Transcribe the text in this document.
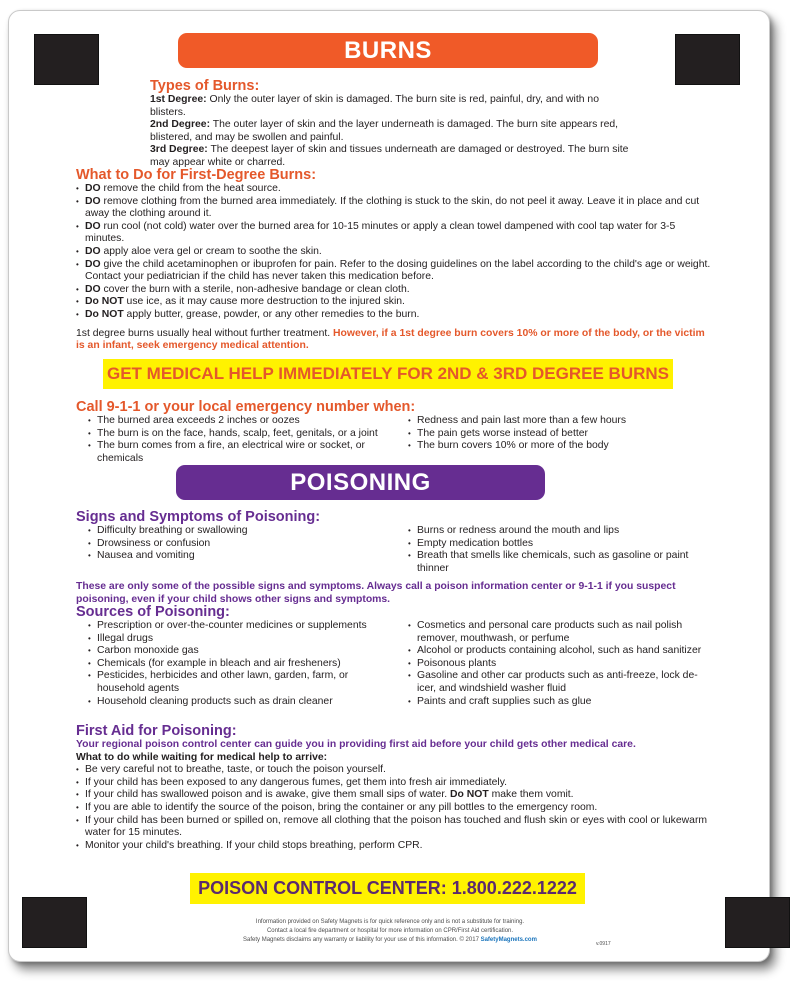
BURNS

Types of Burns:

1st Degree: Only the outer layer of skin is damaged. The burn site is red, painful, dry, and with no blisters.

2nd Degree: The outer layer of skin and the layer underneath is damaged. The burn site appears red, blistered, and may be swollen and painful.

3rd Degree: The deepest layer of skin and tissues underneath are damaged or destroyed. The burn site may appear white or charred.

What to Do for First-Degree Burns:

• DO remove the child from the heat source.
• DO remove clothing from the burned area immediately. If the clothing is stuck to the skin, do not peel it away. Leave it in place and cut away the clothing around it.
• DO run cool (not cold) water over the burned area for 10-15 minutes or apply a clean towel dampened with cool tap water for 3-5 minutes.
• DO apply aloe vera gel or cream to soothe the skin.
• DO give the child acetaminophen or ibuprofen for pain. Refer to the dosing guidelines on the label according to the child's age or weight. Contact your pediatrician if the child has never taken this medication before.
• DO cover the burn with a sterile, non-adhesive bandage or clean cloth.
• Do NOT use ice, as it may cause more destruction to the injured skin.
• Do NOT apply butter, grease, powder, or any other remedies to the burn.

1st degree burns usually heal without further treatment. However, if a 1st degree burn covers 10% or more of the body, or the victim is an infant, seek emergency medical attention.

GET MEDICAL HELP IMMEDIATELY FOR 2ND & 3RD DEGREE BURNS

Call 9-1-1 or your local emergency number when:

• The burned area exceeds 2 inches or oozes
• The burn is on the face, hands, scalp, feet, genitals, or a joint
• The burn comes from a fire, an electrical wire or socket, or chemicals
• Redness and pain last more than a few hours
• The pain gets worse instead of better
• The burn covers 10% or more of the body
POISONING

Signs and Symptoms of Poisoning:

• Difficulty breathing or swallowing
• Drowsiness or confusion
• Nausea and vomiting
• Burns or redness around the mouth and lips
• Empty medication bottles
• Breath that smells like chemicals, such as gasoline or paint thinner

These are only some of the possible signs and symptoms. Always call a poison information center or 9-1-1 if you suspect poisoning, even if your child shows other signs and symptoms.

Sources of Poisoning:

• Prescription or over-the-counter medicines or supplements
• Illegal drugs
• Carbon monoxide gas
• Chemicals (for example in bleach and air fresheners)
• Pesticides, herbicides and other lawn, garden, farm, or household agents
• Household cleaning products such as drain cleaner
• Cosmetics and personal care products such as nail polish remover, mouthwash, or perfume
• Alcohol or products containing alcohol, such as hand sanitizer
• Poisonous plants
• Gasoline and other car products such as anti-freeze, lock de-icer, and windshield washer fluid
• Paints and craft supplies such as glue

First Aid for Poisoning:

Your regional poison control center can guide you in providing first aid before your child gets other medical care.

What to do while waiting for medical help to arrive:

• Be very careful not to breathe, taste, or touch the poison yourself.
• If your child has been exposed to any dangerous fumes, get them into fresh air immediately.
• If your child has swallowed poison and is awake, give them small sips of water. Do NOT make them vomit.
• If you are able to identify the source of the poison, bring the container or any pill bottles to the emergency room.
• If your child has been burned or spilled on, remove all clothing that the poison has touched and flush skin or eyes with cool or lukewarm water for 15 minutes.
• Monitor your child's breathing. If your child stops breathing, perform CPR.
POISON CONTROL CENTER: 1.800.222.1222
Information provided on Safety Magnets is for quick reference only and is not a substitute for training.
Contact a local fire department or hospital for more information on CPR/First Aid certification.
Safety Magnets disclaims any warranty or liability for your use of this information. © 2017 SafetyMagnets.com
v.0917
